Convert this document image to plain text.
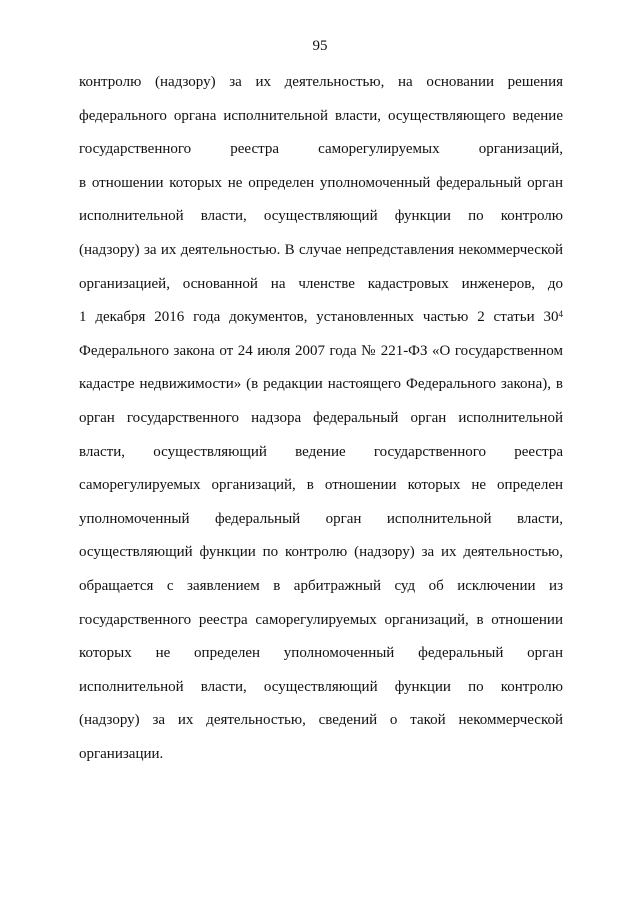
95
контролю (надзору) за их деятельностью, на основании решения
федерального органа исполнительной власти, осуществляющего ведение
государственного реестра саморегулируемых организаций,
в отношении которых не определен уполномоченный федеральный орган
исполнительной власти, осуществляющий функции по контролю
(надзору) за их деятельностью. В случае непредставления некоммерческой
организацией, основанной на членстве кадастровых инженеров, до
1 декабря 2016 года документов, установленных частью 2 статьи $30^4$
Федерального закона от 24 июля 2007 года № 221-ФЗ «О государственном
кадастре недвижимости» (в редакции настоящего Федерального закона), в
орган государственного надзора федеральный орган исполнительной
власти, осуществляющий ведение государственного реестра
саморегулируемых организаций, в отношении которых не определен
уполномоченный федеральный орган исполнительной власти,
осуществляющий функции по контролю (надзору) за их деятельностью,
обращается с заявлением в арбитражный суд об исключении из
государственного реестра саморегулируемых организаций, в отношении
которых не определен уполномоченный федеральный орган
исполнительной власти, осуществляющий функции по контролю
(надзору) за их деятельностью, сведений о такой некоммерческой
организации.
